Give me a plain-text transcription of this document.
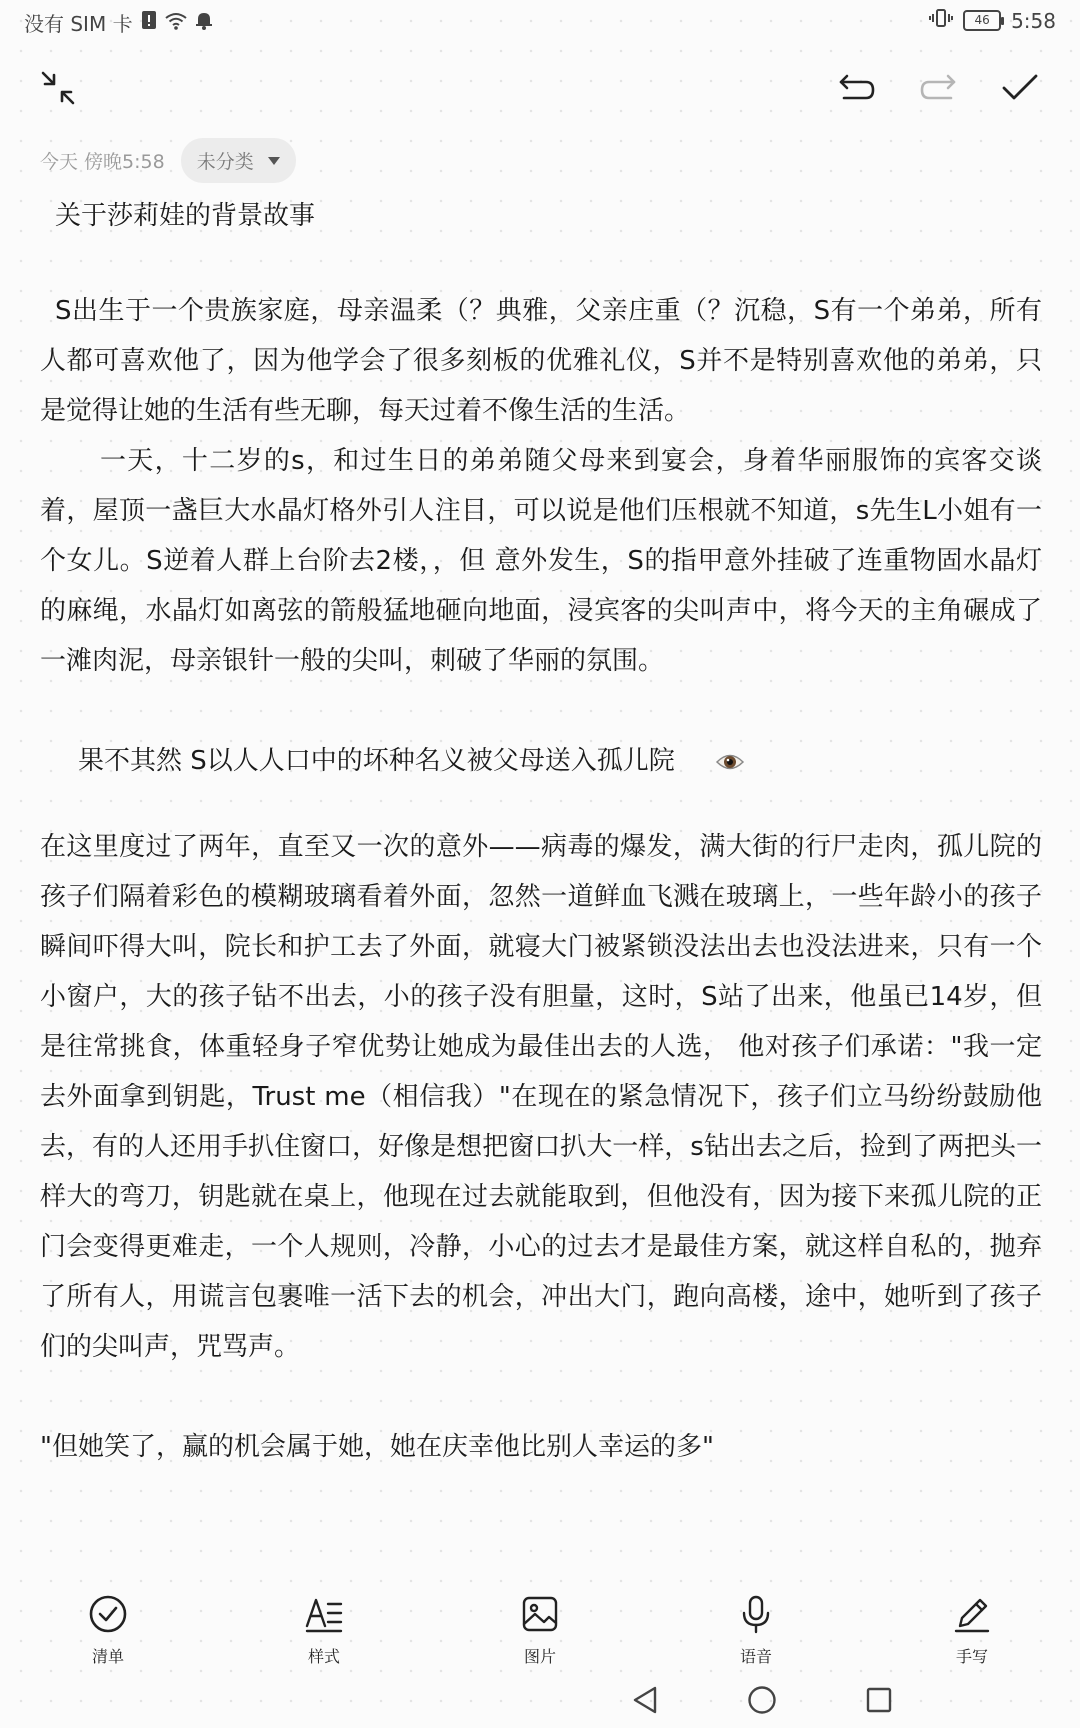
没有 SIM 卡	46	5:58
今天 傍晚5:58 未分类
关于莎莉娃的背景故事

S出生于一个贵族家庭，母亲温柔（？典雅，父亲庄重（？沉稳，S有一个弟弟，所有人都可喜欢他了，因为他学会了很多刻板的优雅礼仪，S并不是特别喜欢他的弟弟，只是觉得让她的生活有些无聊，每天过着不像生活的生活。

一天，十二岁的s，和过生日的弟弟随父母来到宴会，身着华丽服饰的宾客交谈着，屋顶一盏巨大水晶灯格外引人注目，可以说是他们压根就不知道，s先生L小姐有一个女儿。S逆着人群上台阶去2楼，，但 意外发生，S的指甲意外挂破了连重物固水晶灯的麻绳，水晶灯如离弦的箭般猛地砸向地面，浸宾客的尖叫声中，将今天的主角碾成了一滩肉泥，母亲银针一般的尖叫，刺破了华丽的氛围。

果不其然 S以人人口中的坏种名义被父母送入孤儿院

在这里度过了两年，直至又一次的意外——病毒的爆发，满大街的行尸走肉，孤儿院的孩子们隔着彩色的模糊玻璃看着外面，忽然一道鲜血飞溅在玻璃上，一些年龄小的孩子瞬间吓得大叫，院长和护工去了外面，就寝大门被紧锁没法出去也没法进来，只有一个小窗户，大的孩子钻不出去，小的孩子没有胆量，这时，S站了出来，他虽已14岁，但是往常挑食，体重轻身子窄优势让她成为最佳出去的人选， 他对孩子们承诺："我一定去外面拿到钥匙，Trust me（相信我）"在现在的紧急情况下，孩子们立马纷纷鼓励他去，有的人还用手扒住窗口，好像是想把窗口扒大一样，s钻出去之后，捡到了两把头一样大的弯刀，钥匙就在桌上，他现在过去就能取到，但他没有，因为接下来孤儿院的正门会变得更难走，一个人规则，冷静，小心的过去才是最佳方案，就这样自私的，抛弃了所有人，用谎言包裹唯一活下去的机会，冲出大门，跑向高楼，途中，她听到了孩子们的尖叫声，咒骂声。

"但她笑了，赢的机会属于她，她在庆幸他比别人幸运的多"

清单	样式	图片	语音	手写
